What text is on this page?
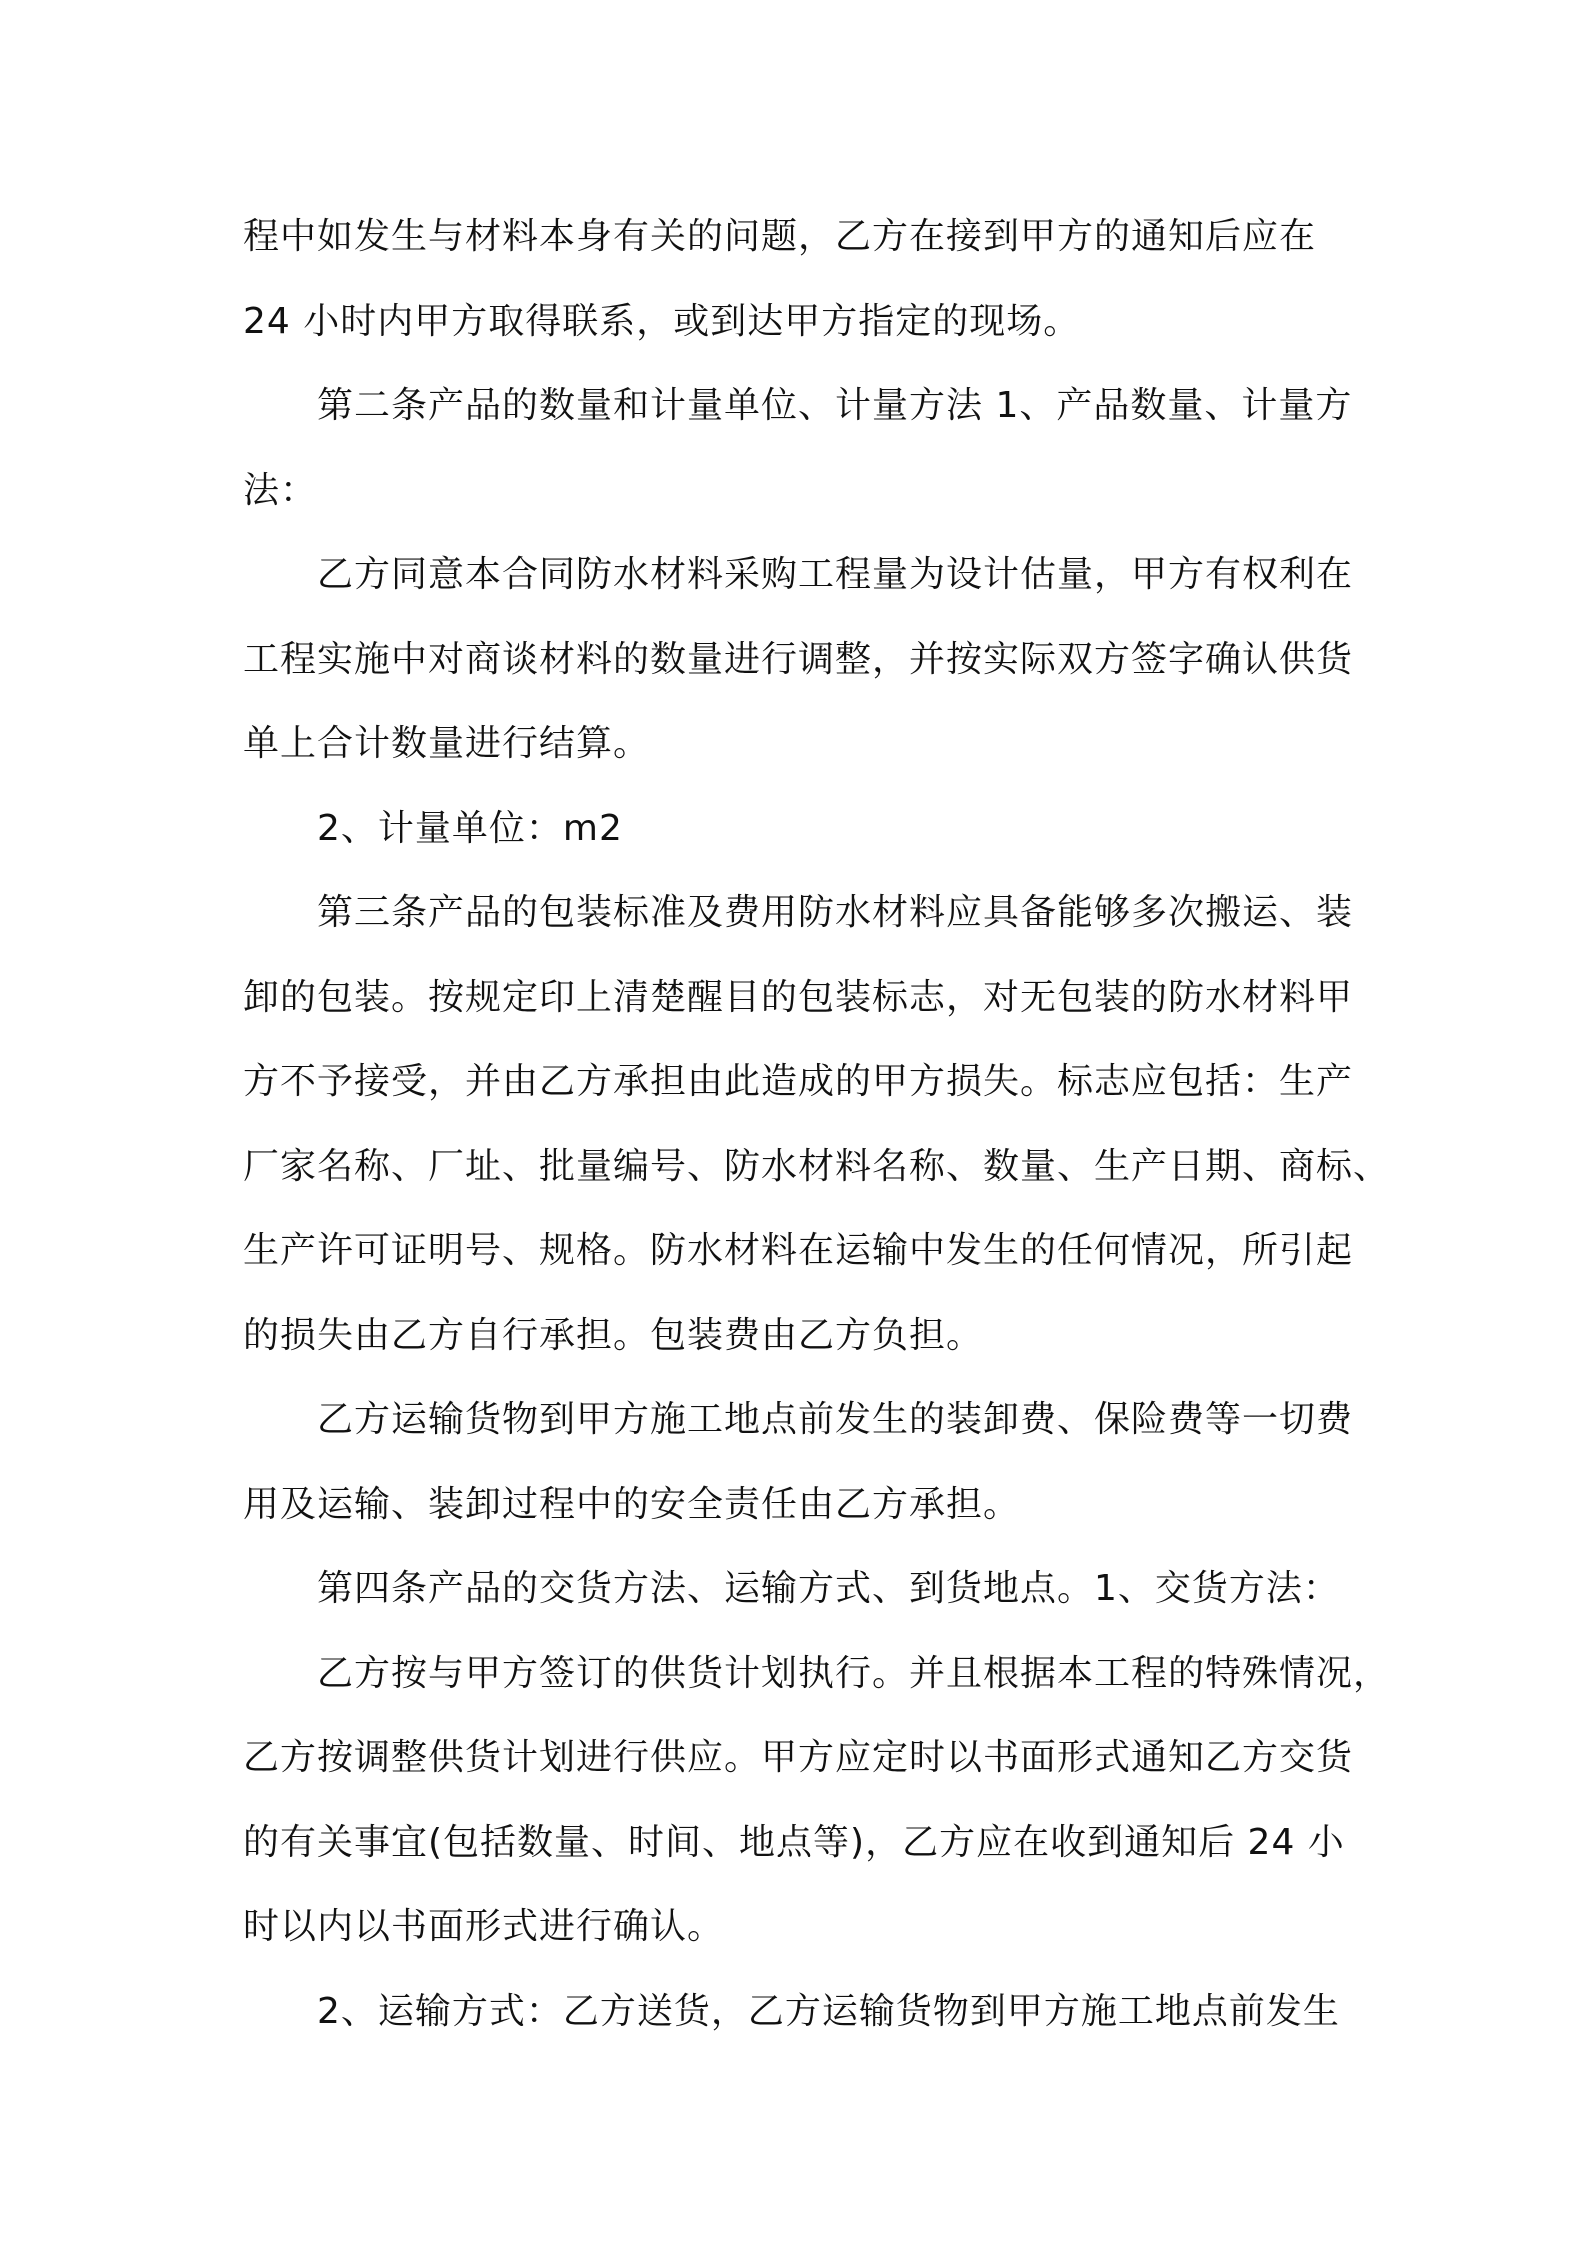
程中如发生与材料本身有关的问题，乙方在接到甲方的通知后应在
24 小时内甲方取得联系，或到达甲方指定的现场。
第二条产品的数量和计量单位、计量方法 1、产品数量、计量方
法：
乙方同意本合同防水材料采购工程量为设计估量，甲方有权利在
工程实施中对商谈材料的数量进行调整，并按实际双方签字确认供货
单上合计数量进行结算。
2、计量单位：m2
第三条产品的包装标准及费用防水材料应具备能够多次搬运、装
卸的包装。按规定印上清楚醒目的包装标志，对无包装的防水材料甲
方不予接受，并由乙方承担由此造成的甲方损失。标志应包括：生产
厂家名称、厂址、批量编号、防水材料名称、数量、生产日期、商标、
生产许可证明号、规格。防水材料在运输中发生的任何情况，所引起
的损失由乙方自行承担。包装费由乙方负担。
乙方运输货物到甲方施工地点前发生的装卸费、保险费等一切费
用及运输、装卸过程中的安全责任由乙方承担。
第四条产品的交货方法、运输方式、到货地点。1、交货方法：
乙方按与甲方签订的供货计划执行。并且根据本工程的特殊情况，
乙方按调整供货计划进行供应。甲方应定时以书面形式通知乙方交货
的有关事宜(包括数量、时间、地点等)，乙方应在收到通知后 24 小
时以内以书面形式进行确认。
2、运输方式：乙方送货，乙方运输货物到甲方施工地点前发生
